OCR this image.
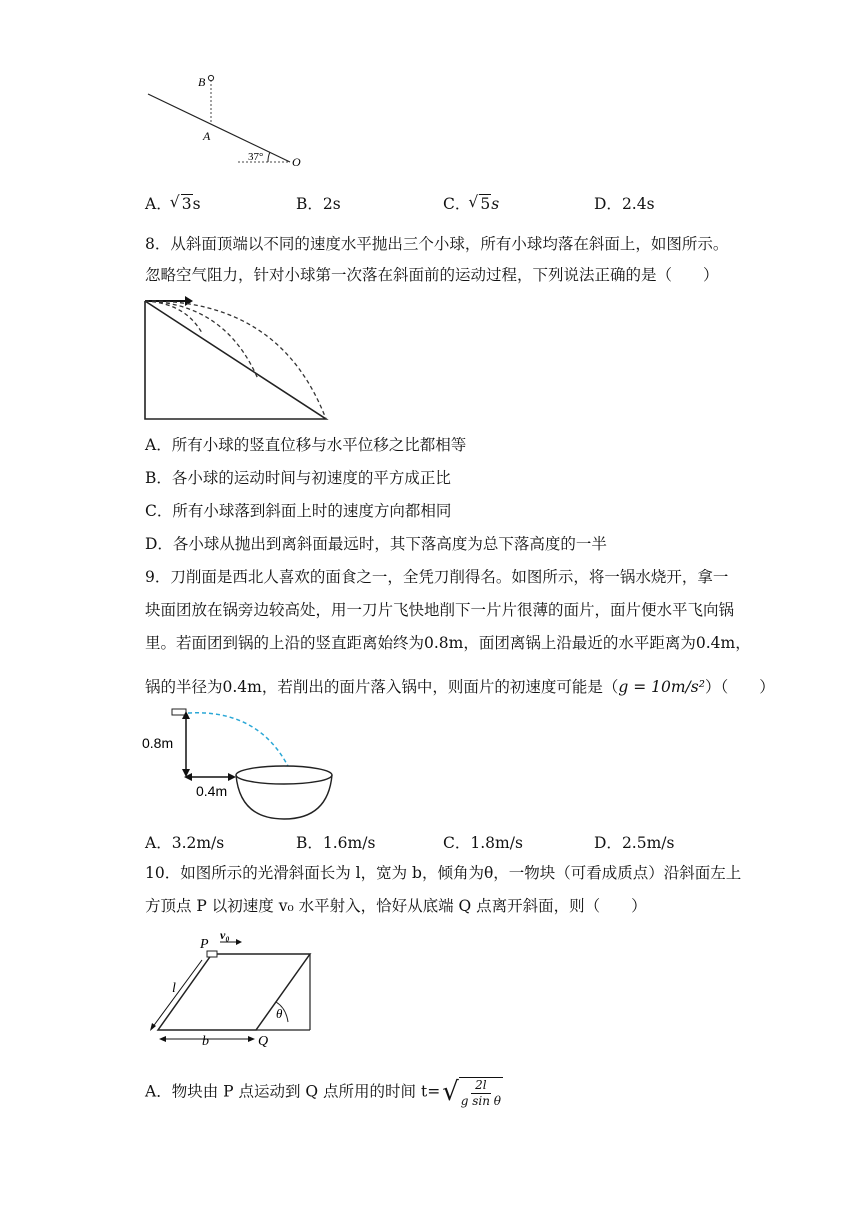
B
A
O
37°
A． √ 3s	B．2s	C． √ 5s	D．2.4s
8．从斜面顶端以不同的速度水平抛出三个小球，所有小球均落在斜面上，如图所示。
忽略空气阻力，针对小球第一次落在斜面前的运动过程，下列说法正确的是（　　）
A．所有小球的竖直位移与水平位移之比都相等
B．各小球的运动时间与初速度的平方成正比
C．所有小球落到斜面上时的速度方向都相同
D．各小球从抛出到离斜面最远时，其下落高度为总下落高度的一半
9．刀削面是西北人喜欢的面食之一，全凭刀削得名。如图所示，将一锅水烧开，拿一
块面团放在锅旁边较高处，用一刀片飞快地削下一片片很薄的面片，面片便水平飞向锅
里。若面团到锅的上沿的竖直距离始终为0.8m，面团离锅上沿最近的水平距离为0.4m，
锅的半径为0.4m，若削出的面片落入锅中，则面片的初速度可能是（g = 10m/s²）（　　）
0.8m
0.4m
A．3.2m/s	B．1.6m/s	C．1.8m/s	D．2.5m/s
10．如图所示的光滑斜面长为 l，宽为 b，倾角为θ，一物块（可看成质点）沿斜面左上
方顶点 P 以初速度 v₀ 水平射入，恰好从底端 Q 点离开斜面，则（　　）
P
v₀
l
b	Q
θ
A．物块由 P 点运动到 Q 点所用的时间 $t=√ \frac{2l}{\text{g sin θ}}$
